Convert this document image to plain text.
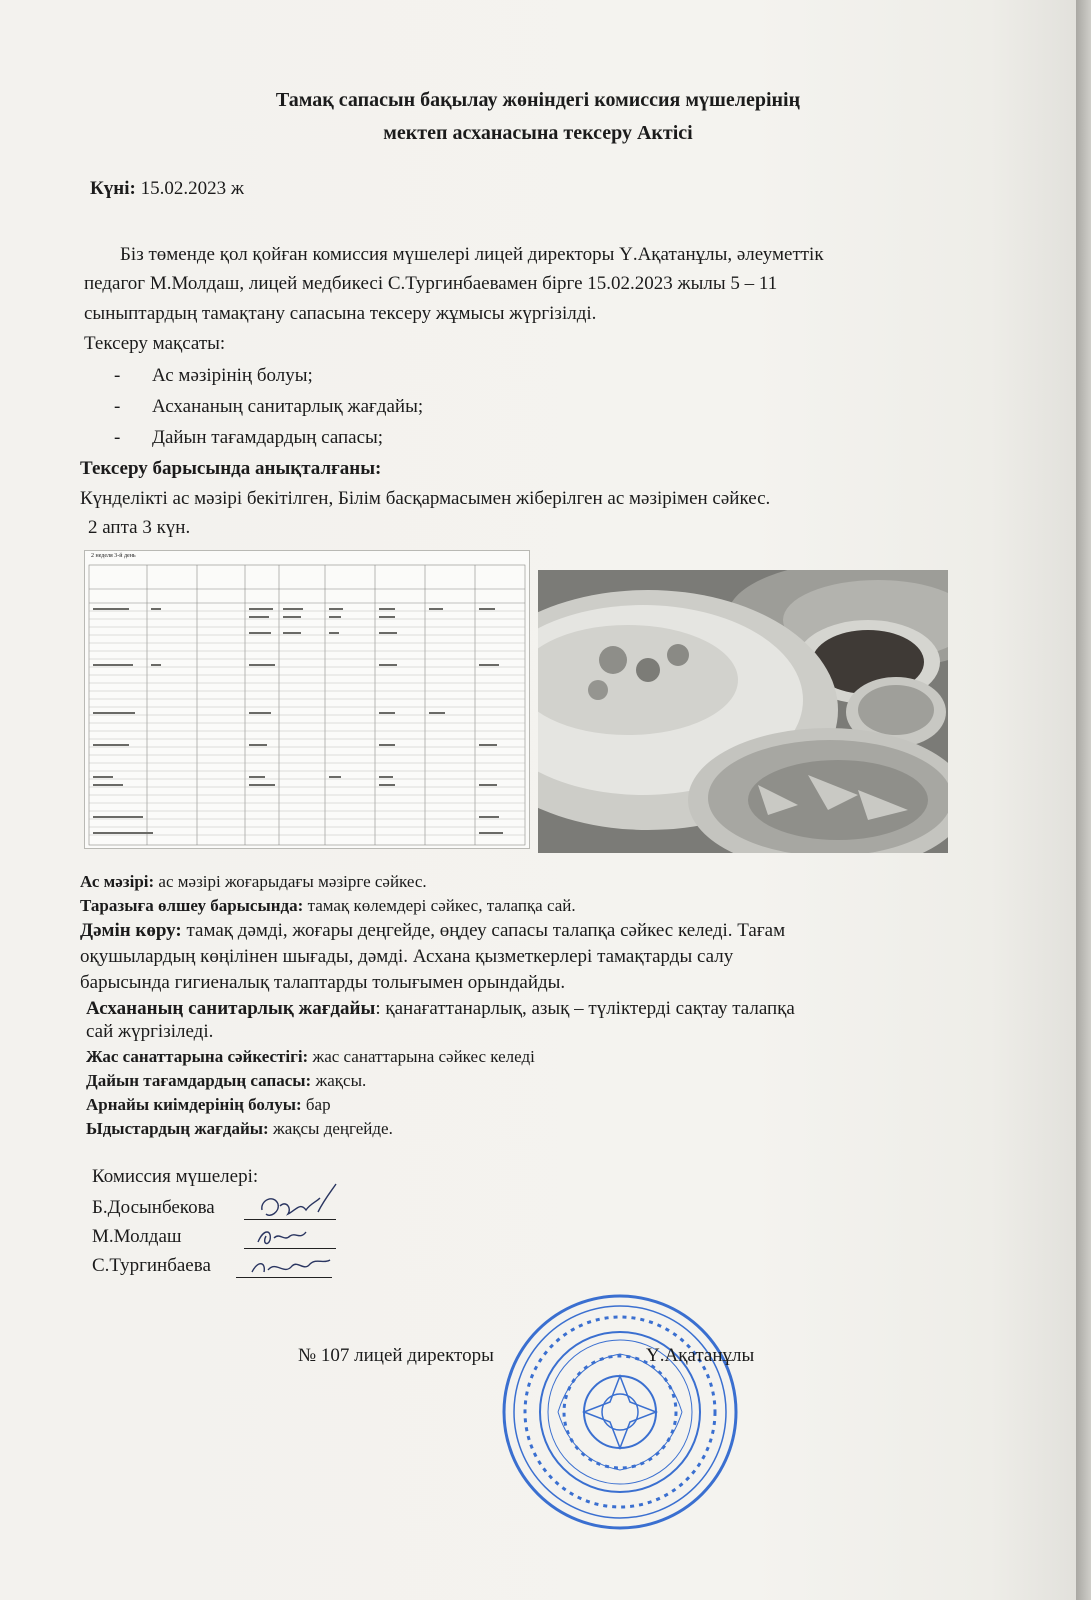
Тамақ сапасын бақылау жөніндегі комиссия мүшелерінің
мектеп асханасына тексеру Актісі
Күні: 15.02.2023 ж
Біз төменде қол қойған комиссия мүшелері лицей директоры Ү.Ақатанұлы, әлеуметтік
педагог М.Молдаш, лицей медбикесі С.Тургинбаевамен бірге 15.02.2023 жылы 5 – 11
сыныптардың тамақтану сапасына тексеру жұмысы жүргізілді.
Тексеру мақсаты:
- Ас мәзірінің болуы;
- Асхананың санитарлық жағдайы;
- Дайын тағамдардың сапасы;
Тексеру барысында анықталғаны:
Күнделікті ас мәзірі бекітілген, Білім басқармасымен жіберілген ас мәзірімен сәйкес.
2 апта 3 күн.
2 неделя 3-й день
Ас мәзірі: ас мәзірі жоғарыдағы мәзірге сәйкес.
Таразыға өлшеу барысында: тамақ көлемдері сәйкес, талапқа сай.
Дәмін көру: тамақ дәмді, жоғары деңгейде, өңдеу сапасы талапқа сәйкес келеді. Тағам
оқушылардың көңілінен шығады, дәмді. Асхана қызметкерлері тамақтарды салу
барысында гигиеналық талаптарды толығымен орындайды.
Асхананың санитарлық жағдайы: қанағаттанарлық, азық – түліктерді сақтау талапқа
сай жүргізіледі.
Жас санаттарына сәйкестігі: жас санаттарына сәйкес келеді
Дайын тағамдардың сапасы: жақсы.
Арнайы киімдерінің болуы: бар
Ыдыстардың жағдайы: жақсы деңгейде.
Комиссия мүшелері:
Б.Досынбекова
М.Молдаш
С.Тургинбаева
№ 107 лицей директоры	Ү.Ақатанұлы
